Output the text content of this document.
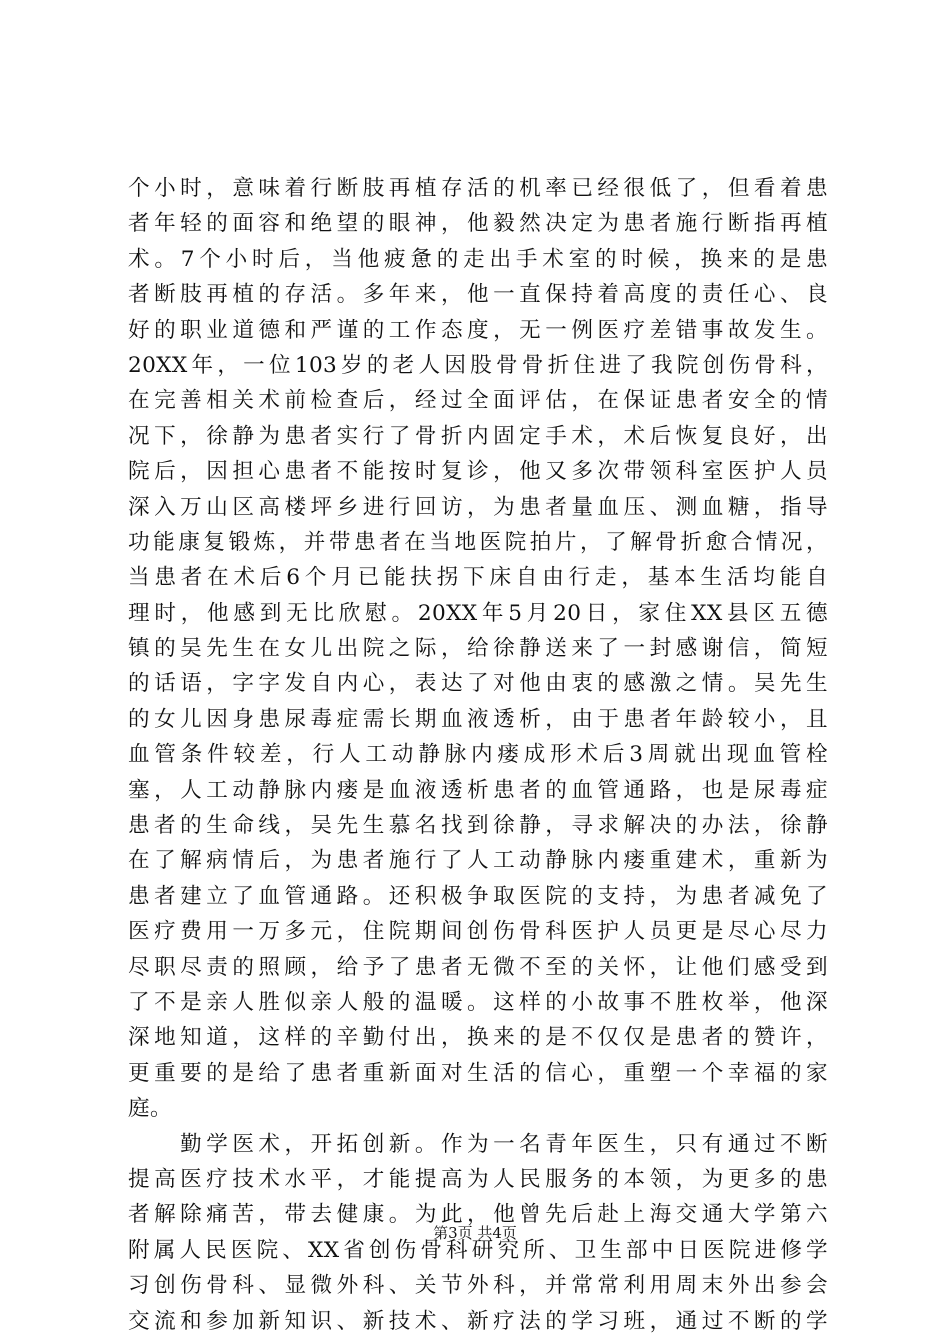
个小时，意味着行断肢再植存活的机率已经很低了，但看着患
者年轻的面容和绝望的眼神，他毅然决定为患者施行断指再植
术。7个小时后，当他疲惫的走出手术室的时候，换来的是患
者断肢再植的存活。多年来，他一直保持着高度的责任心、良
好的职业道德和严谨的工作态度，无一例医疗差错事故发生。
20XX年，一位103岁的老人因股骨骨折住进了我院创伤骨科，
在完善相关术前检查后，经过全面评估，在保证患者安全的情
况下，徐静为患者实行了骨折内固定手术，术后恢复良好，出
院后，因担心患者不能按时复诊，他又多次带领科室医护人员
深入万山区高楼坪乡进行回访，为患者量血压、测血糖，指导
功能康复锻炼，并带患者在当地医院拍片，了解骨折愈合情况，
当患者在术后6个月已能扶拐下床自由行走，基本生活均能自
理时，他感到无比欣慰。20XX年5月20日，家住XX县区五德
镇的吴先生在女儿出院之际，给徐静送来了一封感谢信，简短
的话语，字字发自内心，表达了对他由衷的感激之情。吴先生
的女儿因身患尿毒症需长期血液透析，由于患者年龄较小，且
血管条件较差，行人工动静脉内瘘成形术后3周就出现血管栓
塞，人工动静脉内瘘是血液透析患者的血管通路，也是尿毒症
患者的生命线，吴先生慕名找到徐静，寻求解决的办法，徐静
在了解病情后，为患者施行了人工动静脉内瘘重建术，重新为
患者建立了血管通路。还积极争取医院的支持，为患者减免了
医疗费用一万多元，住院期间创伤骨科医护人员更是尽心尽力
尽职尽责的照顾，给予了患者无微不至的关怀，让他们感受到
了不是亲人胜似亲人般的温暖。这样的小故事不胜枚举，他深
深地知道，这样的辛勤付出，换来的是不仅仅是患者的赞许，
更重要的是给了患者重新面对生活的信心，重塑一个幸福的家
庭。
　　勤学医术，开拓创新。作为一名青年医生，只有通过不断
提高医疗技术水平，才能提高为人民服务的本领，为更多的患
者解除痛苦，带去健康。为此，他曾先后赴上海交通大学第六
附属人民医院、XX省创伤骨科研究所、卫生部中日医院进修学
习创伤骨科、显微外科、关节外科，并常常利用周末外出参会
交流和参加新知识、新技术、新疗法的学习班，通过不断的学
第3页 共4页
